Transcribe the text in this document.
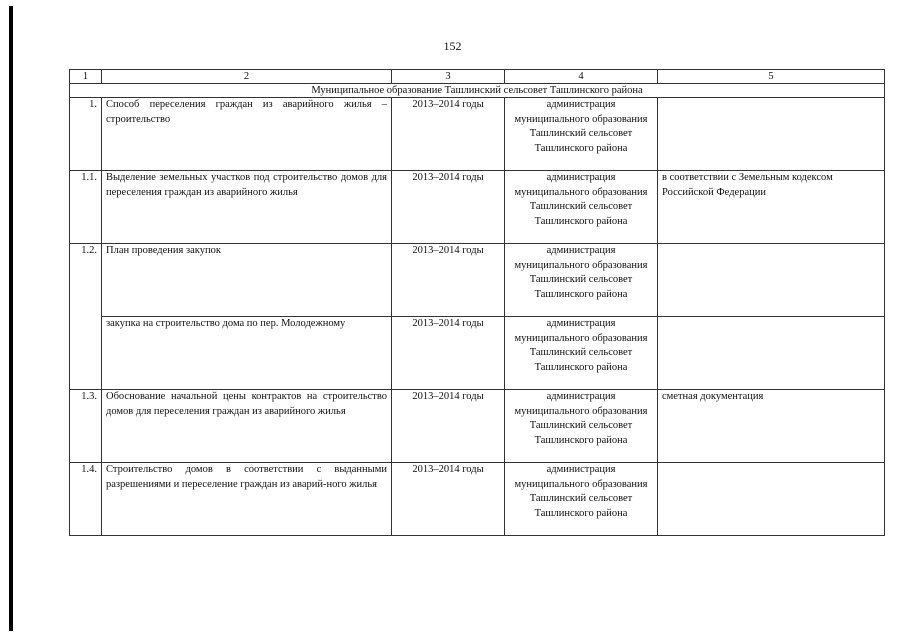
152
1	2	3	4	5
Муниципальное образование Ташлинский сельсовет Ташлинского района				
1.	Способ переселения граждан из аварийного жилья – строительство	2013–2014 годы	администрация муниципального образования Ташлинский сельсовет Ташлинского района	
1.1.	Выделение земельных участков под строительство домов для переселения граждан из аварийного жилья	2013–2014 годы	администрация муниципального образования Ташлинский сельсовет Ташлинского района	в соответствии с Земельным кодексом Российской Федерации
1.2.	План проведения закупок	2013–2014 годы	администрация муниципального образования Ташлинский сельсовет Ташлинского района	
	закупка на строительство дома по пер. Молодежному	2013–2014 годы	администрация муниципального образования Ташлинский сельсовет Ташлинского района	
1.3.	Обоснование начальной цены контрактов на строительство домов для переселения граждан из аварийного жилья	2013–2014 годы	администрация муниципального образования Ташлинский сельсовет Ташлинского района	сметная документация
1.4.	Строительство домов в соответствии с выданными разрешениями и переселение граждан из аварий-ного жилья	2013–2014 годы	администрация муниципального образования Ташлинский сельсовет Ташлинского района	
